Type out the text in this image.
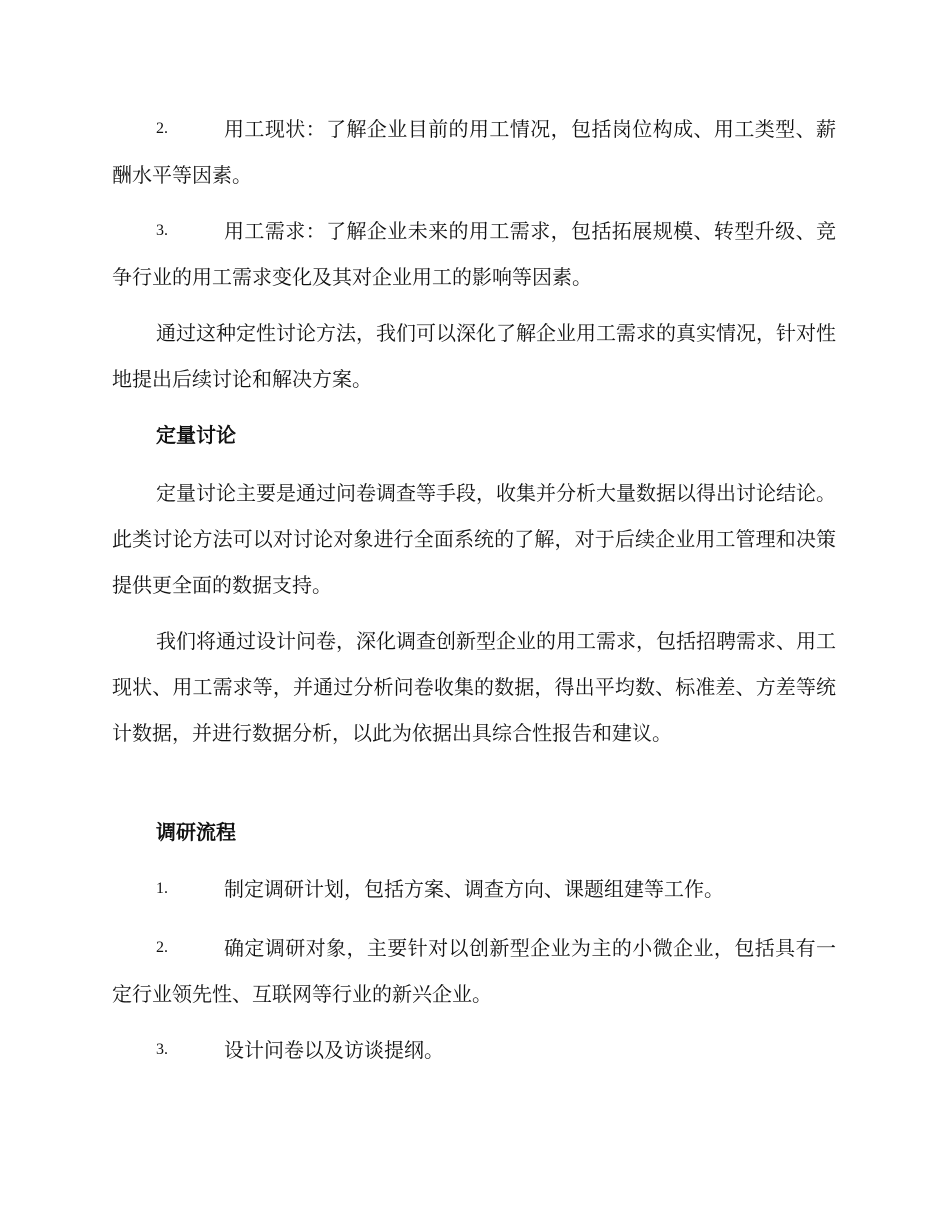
2.	用工现状：了解企业目前的用工情况，包括岗位构成、用工类型、薪酬水平等因素。
3.	用工需求：了解企业未来的用工需求，包括拓展规模、转型升级、竞争行业的用工需求变化及其对企业用工的影响等因素。

通过这种定性讨论方法，我们可以深化了解企业用工需求的真实情况，针对性地提出后续讨论和解决方案。

定量讨论

定量讨论主要是通过问卷调查等手段，收集并分析大量数据以得出讨论结论。此类讨论方法可以对讨论对象进行全面系统的了解，对于后续企业用工管理和决策提供更全面的数据支持。

我们将通过设计问卷，深化调查创新型企业的用工需求，包括招聘需求、用工现状、用工需求等，并通过分析问卷收集的数据，得出平均数、标准差、方差等统计数据，并进行数据分析，以此为依据出具综合性报告和建议。

调研流程
1.	制定调研计划，包括方案、调查方向、课题组建等工作。
2.	确定调研对象，主要针对以创新型企业为主的小微企业，包括具有一定行业领先性、互联网等行业的新兴企业。
3.	设计问卷以及访谈提纲。
